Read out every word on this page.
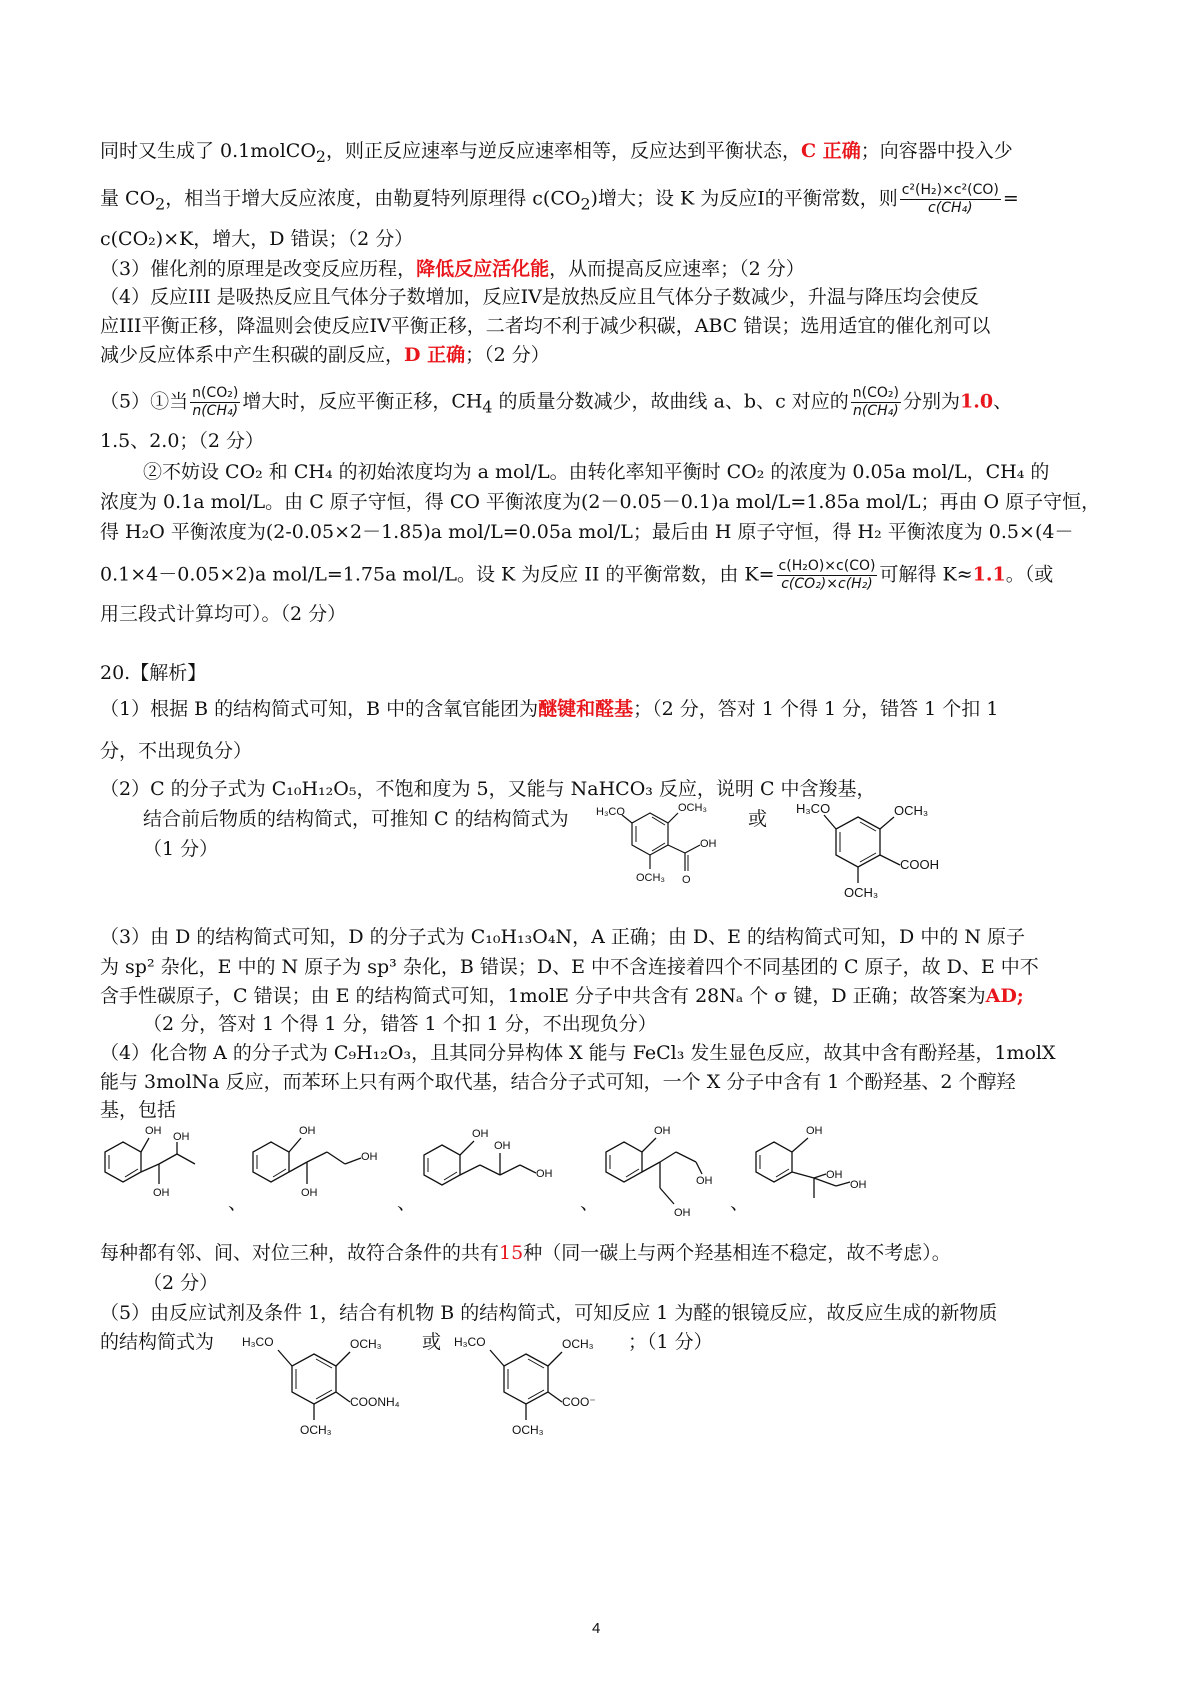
同时又生成了 0.1molCO$_2$，则正反应速率与逆反应速率相等，反应达到平衡状态，C 正确；向容器中投入少
量 $CO_2$，相当于增大反应浓度，由勒夏特列原理得 $c(CO_2)$增大；设 K 为反应I的平衡常数，则 $\frac{\text{c²(H₂)×c²(CO)}}{\text{c(CH₄)}}$ =
c(CO₂)×K，增大，D 错误；（2 分）
（3）催化剂的原理是改变反应历程，降低反应活化能，从而提高反应速率；（2 分）
（4）反应III 是吸热反应且气体分子数增加，反应IV是放热反应且气体分子数减少，升温与降压均会使反
应III平衡正移，降温则会使反应IV平衡正移，二者均不利于减少积碳，ABC 错误；选用适宜的催化剂可以
减少反应体系中产生积碳的副反应，D 正确；（2 分）
（5）①当 $\frac{\text{n(CO₂)}}{\text{n(CH₄)}}$ 增大时，反应平衡正移，$CH_4$ 的质量分数减少，故曲线 a、b、c 对应的 $\frac{\text{n(CO₂)}}{\text{n(CH₄)}}$ 分别为1.0、
1.5、2.0；（2 分）
②不妨设 CO₂ 和 CH₄ 的初始浓度均为 a mol/L。由转化率知平衡时 CO₂ 的浓度为 0.05a mol/L，CH₄ 的
浓度为 0.1a mol/L。由 C 原子守恒，得 CO 平衡浓度为(2－0.05－0.1)a mol/L=1.85a mol/L；再由 O 原子守恒，
得 H₂O 平衡浓度为(2-0.05×2－1.85)a mol/L=0.05a mol/L；最后由 H 原子守恒，得 H₂ 平衡浓度为 0.5×(4－
0.1×4－0.05×2)a mol/L=1.75a mol/L。设 K 为反应 II 的平衡常数，由 $K= \frac{\text{c(H₂O)×c(CO)}}{\text{c(CO₂)×c(H₂)}}$ 可解得 K≈1.1。（或
用三段式计算均可）。（2 分）
20.【解析】
（1）根据 B 的结构简式可知，B 中的含氧官能团为醚键和醛基；（2 分，答对 1 个得 1 分，错答 1 个扣 1
分，不出现负分）
（2）C 的分子式为 C₁₀H₁₂O₅，不饱和度为 5，又能与 NaHCO₃ 反应，说明 C 中含羧基，
结合前后物质的结构简式，可推知 C 的结构简式为	或
（1 分）
H₃CO	OCH₃
OH
O
OCH₃
H₃CO	OCH₃
COOH
OCH₃
（3）由 D 的结构简式可知，D 的分子式为 C₁₀H₁₃O₄N，A 正确；由 D、E 的结构简式可知，D 中的 N 原子
为 sp² 杂化，E 中的 N 原子为 sp³ 杂化，B 错误；D、E 中不含连接着四个不同基团的 C 原子，故 D、E 中不
含手性碳原子，C 错误；由 E 的结构简式可知，1molE 分子中共含有 28Nₐ 个 σ 键，D 正确；故答案为AD;
（2 分，答对 1 个得 1 分，错答 1 个扣 1 分，不出现负分）
（4）化合物 A 的分子式为 C₉H₁₂O₃，且其同分异构体 X 能与 FeCl₃ 发生显色反应，故其中含有酚羟基，1molX
能与 3molNa 反应，而苯环上只有两个取代基，结合分子式可知，一个 X 分子中含有 1 个酚羟基、2 个醇羟
基，包括
OH OH
OH	、
OH
OH
OH
、
OH
OH
OH
、
OH
OH
OH 、
OH
OH
OH
每种都有邻、间、对位三种，故符合条件的共有15种（同一碳上与两个羟基相连不稳定，故不考虑）。
（2 分）
（5）由反应试剂及条件 1，结合有机物 B 的结构简式，可知反应 1 为醛的银镜反应，故反应生成的新物质
的结构简式为	或	；（1 分）
H₃CO	OCH₃
COONH₄
OCH₃
H₃CO	OCH₃
COO⁻
OCH₃
4
